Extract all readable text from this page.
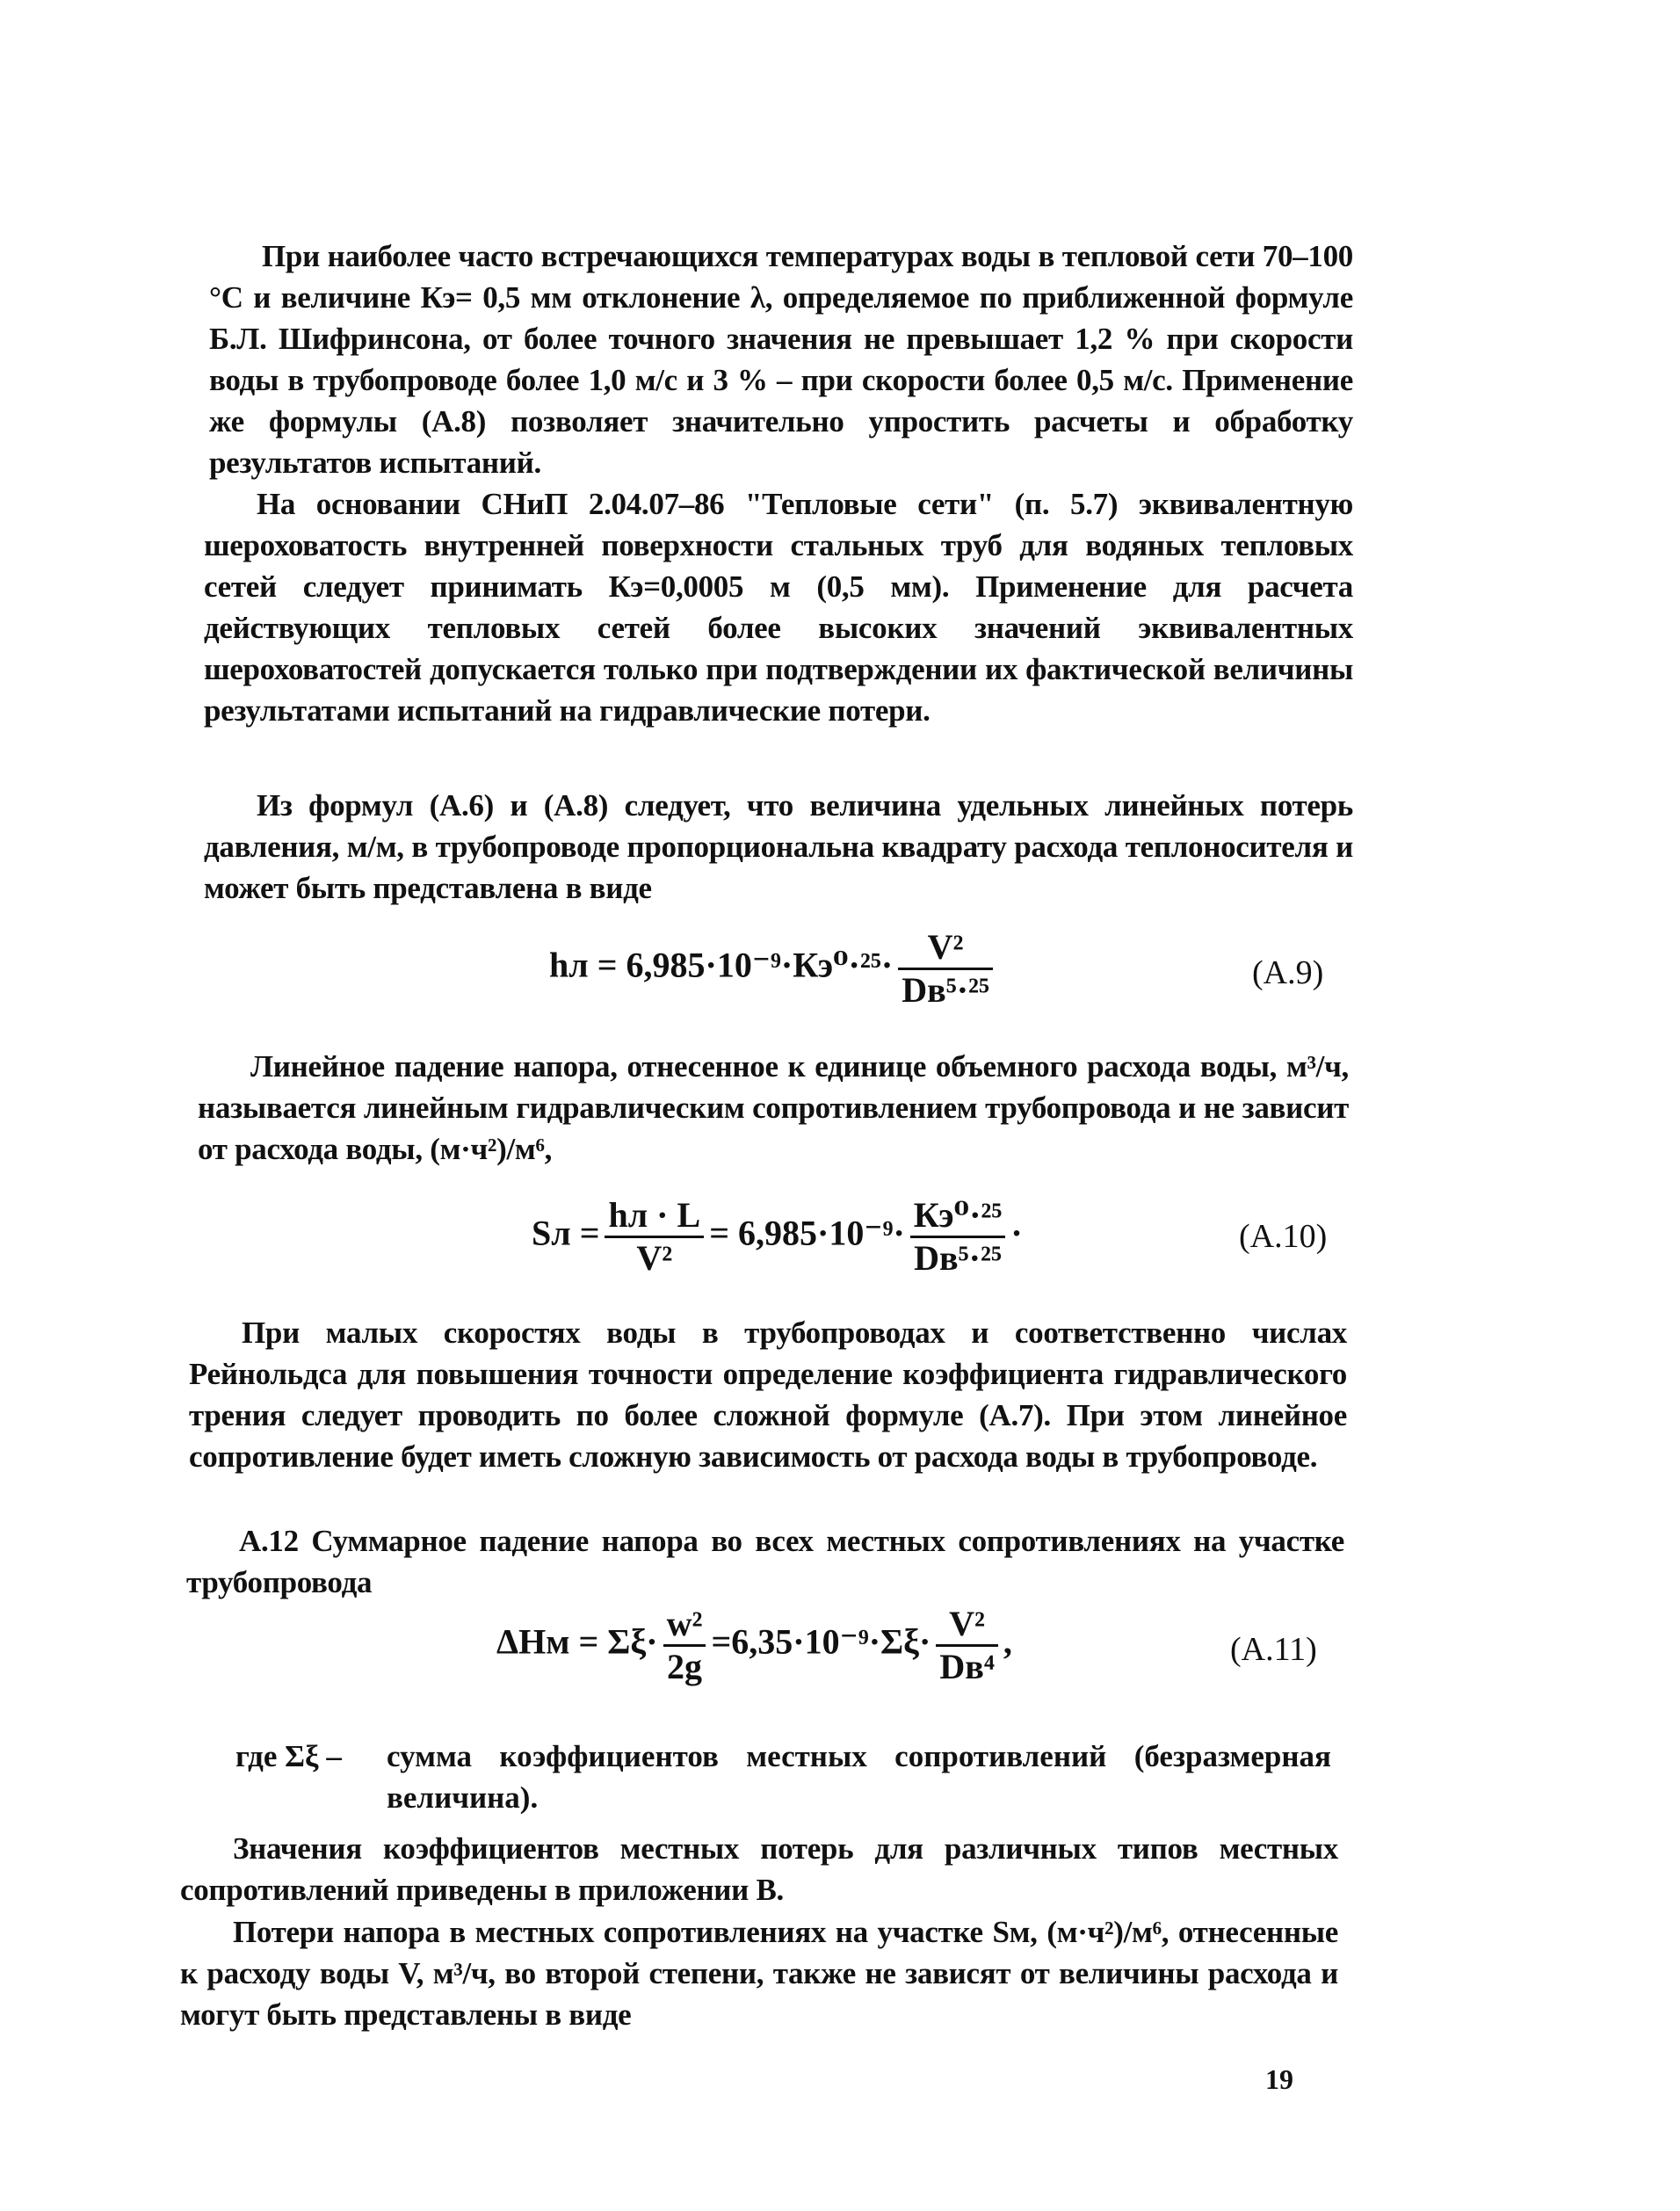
При наиболее часто встречающихся температурах воды в тепловой сети 70–100 °C и величине Кэ= 0,5 мм отклонение λ, определяемое по приближенной формуле Б.Л. Шифринсона, от более точного значения не превышает 1,2 % при скорости воды в трубопроводе более 1,0 м/с и 3 % – при скорости более 0,5 м/с. Применение же формулы (А.8) позволяет значительно упростить расчеты и обработку результатов испытаний.

На основании СНиП 2.04.07–86 "Тепловые сети" (п. 5.7) эквивалентную шероховатость внутренней поверхности стальных труб для водяных тепловых сетей следует принимать Кэ=0,0005 м (0,5 мм). Применение для расчета действующих тепловых сетей более высоких значений эквивалентных шероховатостей допускается только при подтверждении их фактической величины результатами испытаний на гидравлические потери.

Из формул (А.6) и (А.8) следует, что величина удельных линейных потерь давления, м/м, в трубопроводе пропорциональна квадрату расхода теплоносителя и может быть представлена в виде

hл = $6,985\cdot 10^{-9}\cdot Кэ^0\cdot^{25}\cdot \frac{\text{V²}}{\text{Dв⁵·²⁵}}$	(А.9)

Линейное падение напора, отнесенное к единице объемного расхода воды, м³/ч, называется линейным гидравлическим сопротивлением трубопровода и не зависит от расхода воды, (м·ч²)/м⁶,

Sл = $\frac{hл \cdot L}{\text{V²}} = 6,985\cdot 10^{-9}\cdot \frac{\text{Кэ⁰·²⁵}}{\text{Dв⁵·²⁵}}$ ·	(А.10)

При малых скоростях воды в трубопроводах и соответственно числах Рейнольдса для повышения точности определение коэффициента гидравлического трения следует проводить по более сложной формуле (А.7). При этом линейное сопротивление будет иметь сложную зависимость от расхода воды в трубопроводе.

А.12 Суммарное падение напора во всех местных сопротивлениях на участке трубопровода

$\Delta Hм = \Sigma\xi\cdot \frac{\text{w²}}{2g} =6,35\cdot 10^{-9}\cdot\Sigma\xi\cdot \frac{\text{V²}}{\text{Dв⁴}}$ ,	(А.11)
где Σξ – сумма коэффициентов местных сопротивлений (безразмерная величина).

Значения коэффициентов местных потерь для различных типов местных сопротивлений приведены в приложении В.

Потери напора в местных сопротивлениях на участке Sм, (м·ч²)/м⁶, отнесенные к расходу воды V, м³/ч, во второй степени, также не зависят от величины расхода и могут быть представлены в виде

19
